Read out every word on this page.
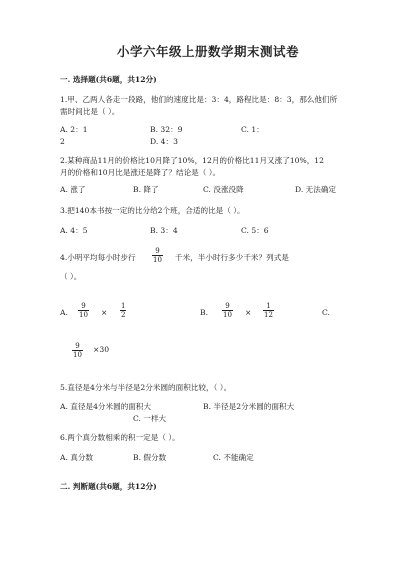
小学六年级上册数学期末测试卷
一. 选择题(共6题，共12分)
1.甲、乙两人各走一段路，他们的速度比是：3：4，路程比是：8：3，那么他们所
需时间比是（ ）。
A. 2：1	B. 32：9	C. 1：
2	D. 4：3
2.某种商品11月的价格比10月降了10%，12月的价格比11月又涨了10%，12
月的价格和10月比是涨还是降了？结论是（ ）。
A. 涨了	B. 降了	C. 没涨没降	D. 无法确定
3.把140本书按一定的比分给2个班，合适的比是（ ）。
A. 4：5	B. 3：4	C. 5：6
4.小明平均每小时步行 $\frac{9}{10}$ 千米，半小时行多少千米？列式是
（ ）。
A. $\frac{9}{10} \times \frac{1}{2}$	B. $\frac{9}{10} \times \frac{1}{12}$	C.
$\frac{9}{10} \times 30$
5.直径是4分米与半径是2分米圆的面积比较，（ ）。
A. 直径是4分米圆的面积大	B. 半径是2分米圆的面积大
C. 一样大
6.两个真分数相乘的积一定是（ ）。
A. 真分数	B. 假分数	C. 不能确定
二. 判断题(共6题，共12分)
